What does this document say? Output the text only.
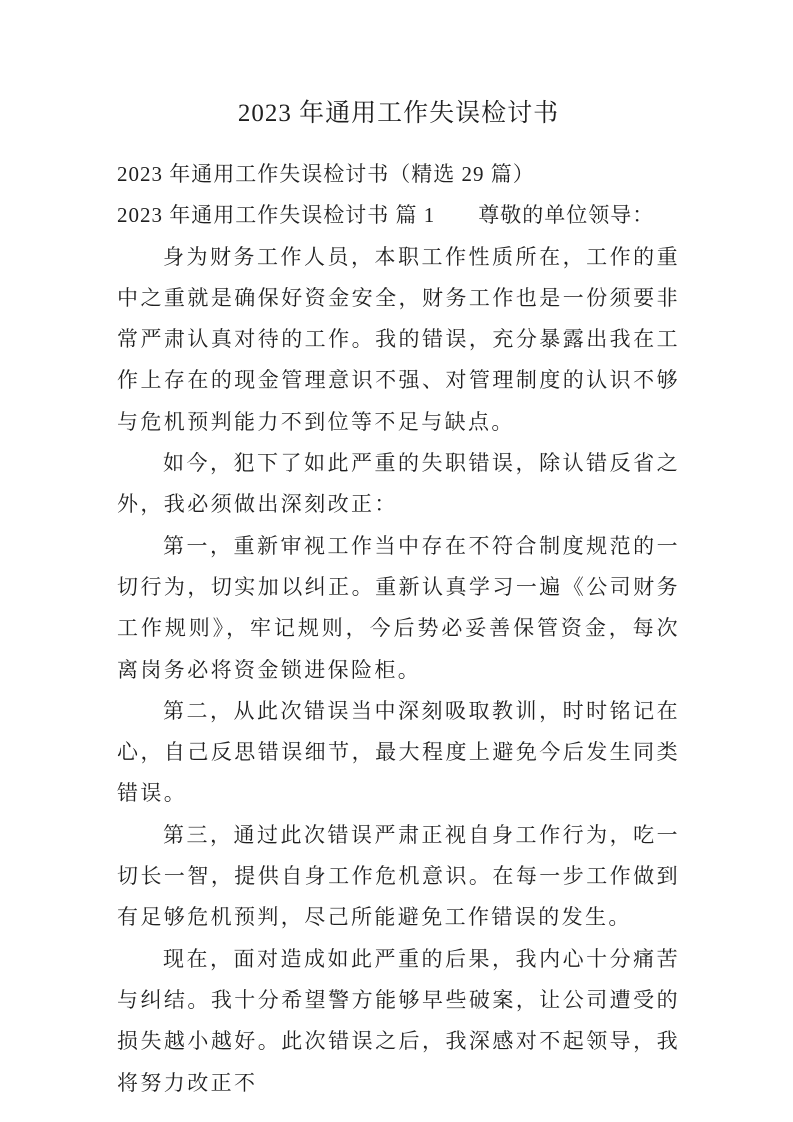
2023 年通用工作失误检讨书

2023 年通用工作失误检讨书（精选 29 篇）

2023 年通用工作失误检讨书 篇 1 尊敬的单位领导：

身为财务工作人员，本职工作性质所在，工作的重中之重就是确保好资金安全，财务工作也是一份须要非常严肃认真对待的工作。我的错误，充分暴露出我在工作上存在的现金管理意识不强、对管理制度的认识不够与危机预判能力不到位等不足与缺点。

如今，犯下了如此严重的失职错误，除认错反省之外，我必须做出深刻改正：

第一，重新审视工作当中存在不符合制度规范的一切行为，切实加以纠正。重新认真学习一遍《公司财务工作规则》，牢记规则，今后势必妥善保管资金，每次离岗务必将资金锁进保险柜。

第二，从此次错误当中深刻吸取教训，时时铭记在心，自己反思错误细节，最大程度上避免今后发生同类错误。

第三，通过此次错误严肃正视自身工作行为，吃一切长一智，提供自身工作危机意识。在每一步工作做到有足够危机预判，尽己所能避免工作错误的发生。

现在，面对造成如此严重的后果，我内心十分痛苦与纠结。我十分希望警方能够早些破案，让公司遭受的损失越小越好。此次错误之后，我深感对不起领导，我将努力改正不
